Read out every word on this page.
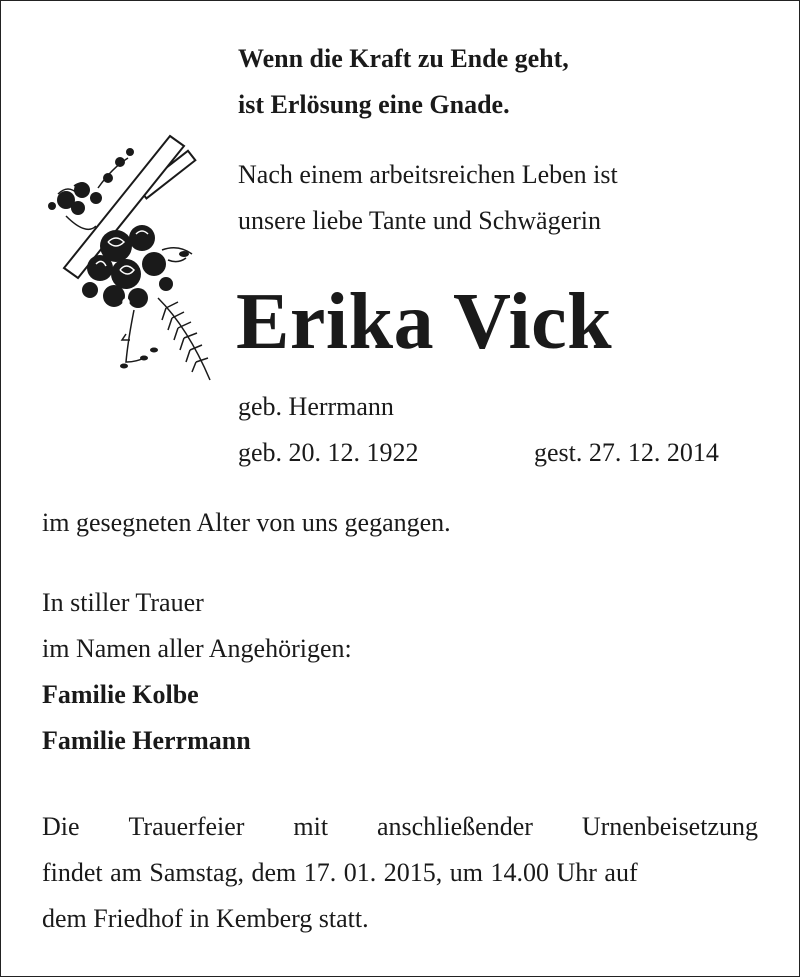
Wenn die Kraft zu Ende geht,
ist Erlösung eine Gnade.
Nach einem arbeitsreichen Leben ist
unsere liebe Tante und Schwägerin
Erika Vick
geb. Herrmann
geb. 20. 12. 1922	gest. 27. 12. 2014
im gesegneten Alter von uns gegangen.
In stiller Trauer
im Namen aller Angehörigen:
Familie Kolbe
Familie Herrmann
Die Trauerfeier mit anschließender Urnenbeisetzung
findet am Samstag, dem 17. 01. 2015, um 14.00 Uhr auf
dem Friedhof in Kemberg statt.
